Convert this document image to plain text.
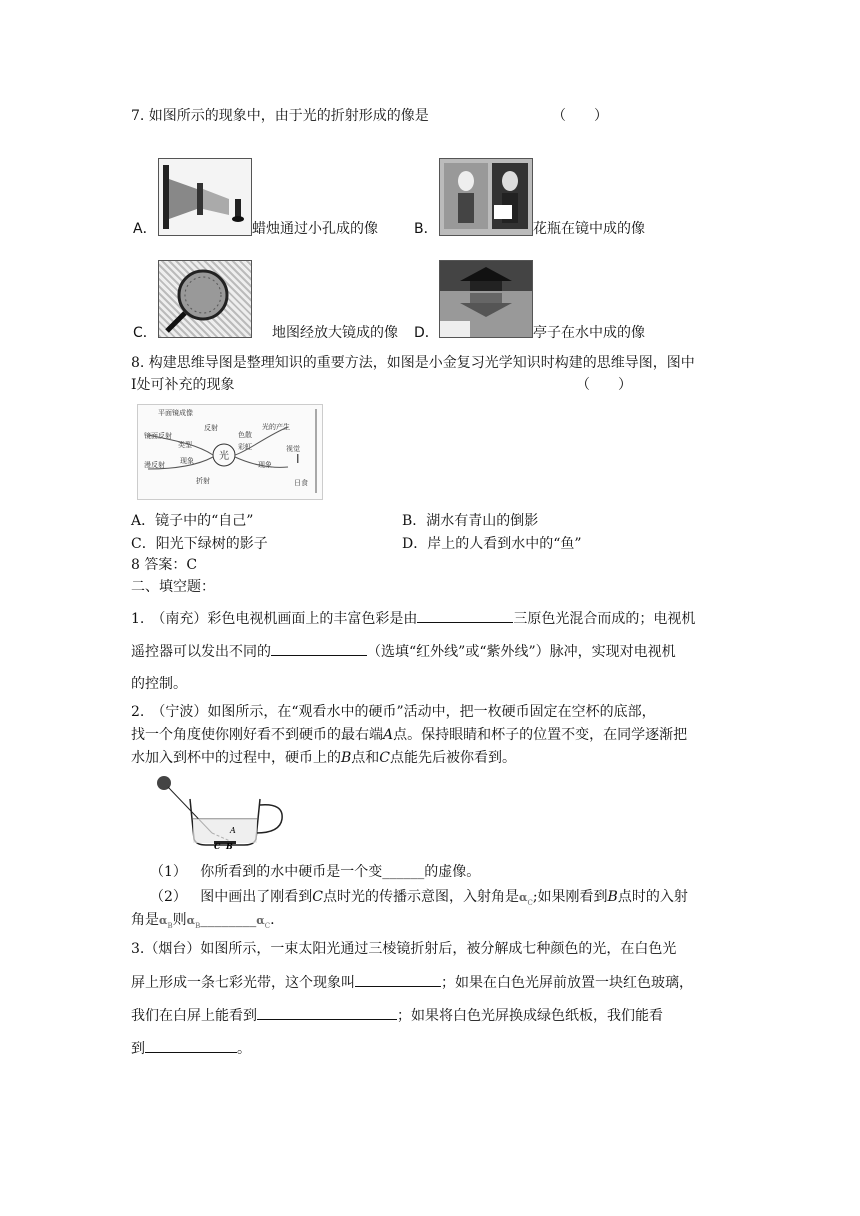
7. 如图所示的现象中，由于光的折射形成的像是	（　　）
A．	蜡烛通过小孔成的像	B．	花瓶在镜中成的像
C．	地图经放大镜成的像 D．	亭子在水中成的像
8. 构建思维导图是整理知识的重要方法，如图是小金复习光学知识时构建的思维导图，图中
Ⅰ处可补充的现象	（　　）
光
平面镜成像
镜面反射
反射
类型
漫反射
折射
色散
彩虹	视觉
光的产生
现象 Ⅰ
日食
现象
A．镜子中的“自己”	B．湖水有青山的倒影
C．阳光下绿树的影子	D．岸上的人看到水中的“鱼”
8 答案：C
二、填空题：
1.　（南充）彩色电视机画面上的丰富色彩是由	三原色光混合而成的；电视机
遥控器可以发出不同的	（选填“红外线”或“紫外线”）脉冲，实现对电视机
的控制。
2.　（宁波）如图所示，在“观看水中的硬币”活动中，把一枚硬币固定在空杯的底部，
找一个角度使你刚好看不到硬币的最右端A点。保持眼睛和杯子的位置不变，在同学逐渐把
水加入到杯中的过程中，硬币上的B点和C点能先后被你看到。
A
C B
（1） 你所看到的水中硬币是一个变______的虚像。
（2） 图中画出了刚看到C点时光的传播示意图，入射角是$\alpha_C$;如果刚看到B点时的入射
角是$\alpha_B$则$\alpha_B\_\_\_\_\_\_\_\_\alpha_C$.
3.（烟台）如图所示，一束太阳光通过三棱镜折射后，被分解成七种颜色的光，在白色光
屏上形成一条七彩光带，这个现象叫	；如果在白色光屏前放置一块红色玻璃，
我们在白屏上能看到	；如果将白色光屏换成绿色纸板，我们能看
到	。
